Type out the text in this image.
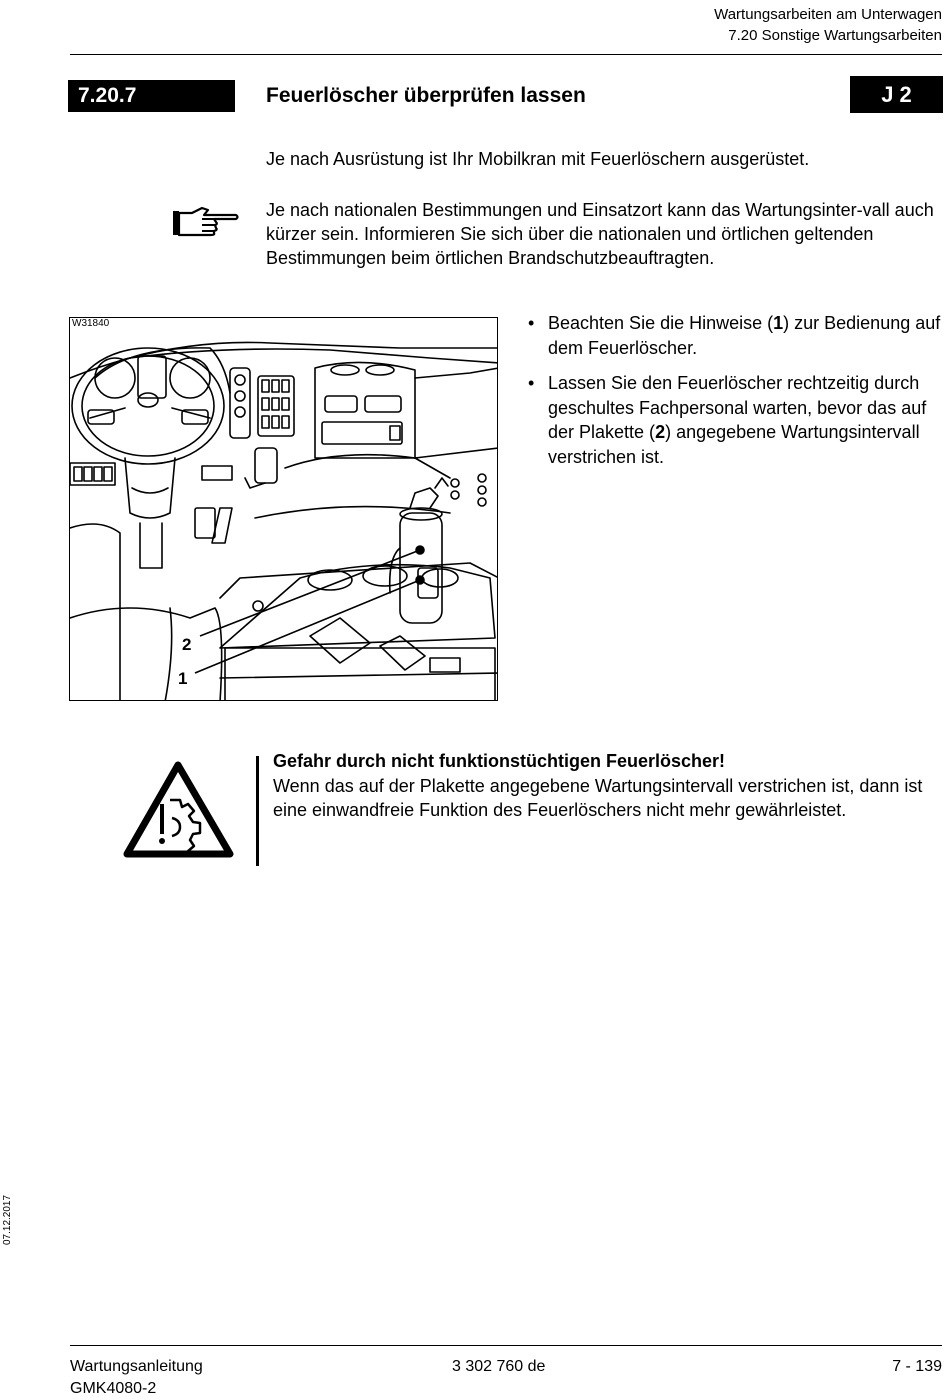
Wartungsarbeiten am Unterwagen
7.20 Sonstige Wartungsarbeiten
7.20.7	Feuerlöscher überprüfen lassen	J 2
Je nach Ausrüstung ist Ihr Mobilkran mit Feuerlöschern ausgerüstet.
Je nach nationalen Bestimmungen und Einsatzort kann das Wartungsinter-vall auch kürzer sein. Informieren Sie sich über die nationalen und örtlichen geltenden Bestimmungen beim örtlichen Brandschutzbeauftragten.
2
1
W31840
•	Beachten Sie die Hinweise (1) zur Bedienung auf dem Feuerlöscher.
• Lassen Sie den Feuerlöscher rechtzeitig durch geschultes Fachpersonal warten, bevor das auf der Plakette (2) angegebene Wartungsintervall verstrichen ist.
Gefahr durch nicht funktionstüchtigen Feuerlöscher!
Wenn das auf der Plakette angegebene Wartungsintervall verstrichen ist, dann ist eine einwandfreie Funktion des Feuerlöschers nicht mehr gewährleistet.
07.12.2017
Wartungsanleitung
GMK4080-2
3 302 760 de	7 - 139
